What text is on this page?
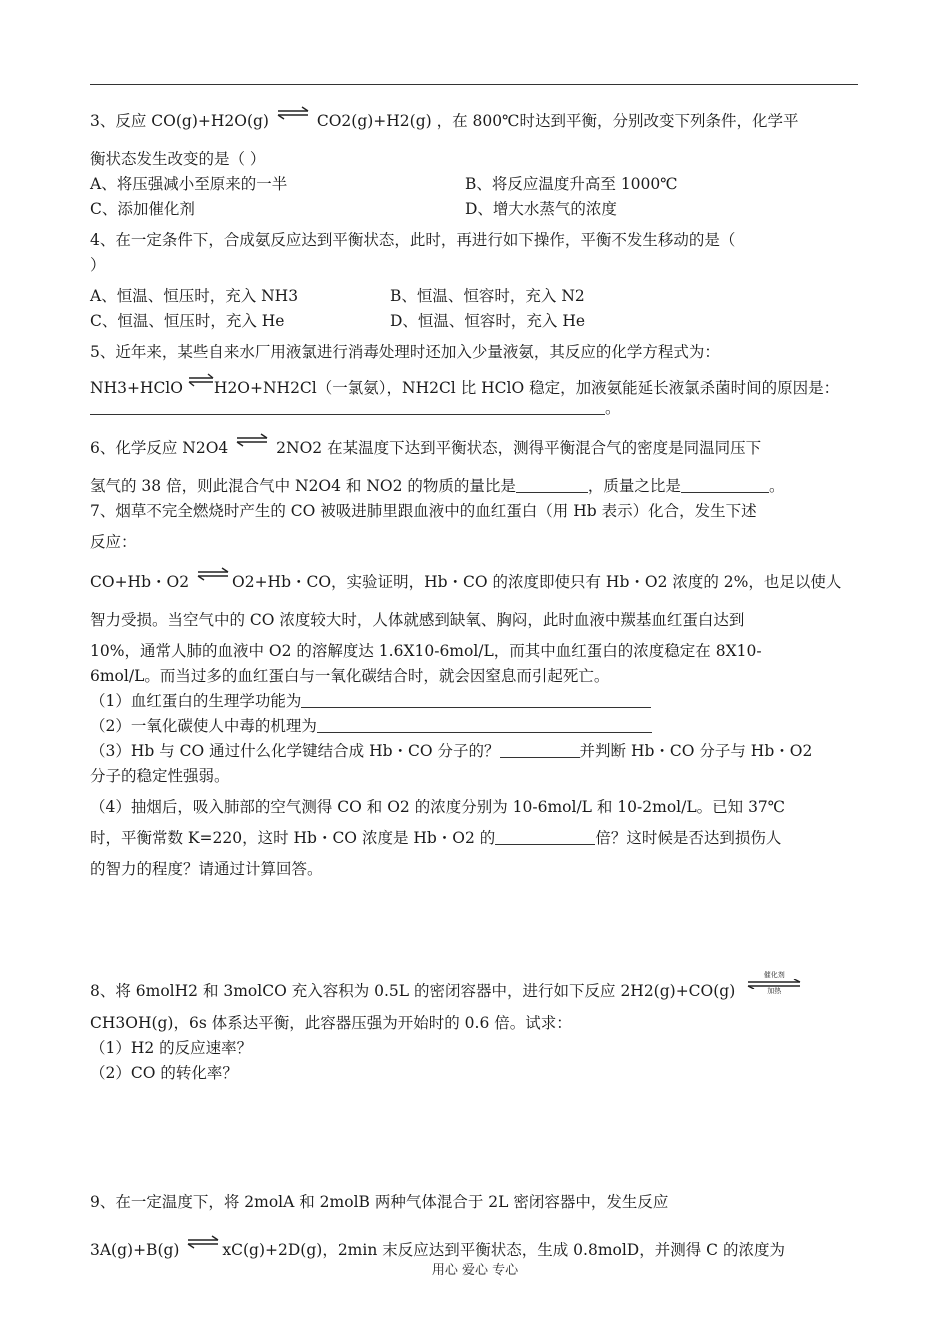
3、反应 CO(g)+H2O(g) ⇌ CO2(g)+H2(g) ，在 800℃时达到平衡，分别改变下列条件，化学平
衡状态发生改变的是（ ）
A、将压强减小至原来的一半	B、将反应温度升高至 1000℃
C、添加催化剂	D、增大水蒸气的浓度
4、在一定条件下，合成氨反应达到平衡状态，此时，再进行如下操作，平衡不发生移动的是（
）
A、恒温、恒压时，充入 NH3	B、恒温、恒容时，充入 N2
C、恒温、恒压时，充入 He	D、恒温、恒容时，充入 He
5、近年来，某些自来水厂用液氯进行消毒处理时还加入少量液氨，其反应的化学方程式为：
NH3+HClO ⇌H2O+NH2Cl（一氯氨），NH2Cl 比 HClO 稳定，加液氨能延长液氯杀菌时间的原因是：
。
6、化学反应 N2O4 ⇌ 2NO2 在某温度下达到平衡状态，测得平衡混合气的密度是同温同压下
氢气的 38 倍，则此混合气中 N2O4 和 NO2 的物质的量比是	，质量之比是	。
7、烟草不完全燃烧时产生的 CO 被吸进肺里跟血液中的血红蛋白（用 Hb 表示）化合，发生下述
反应：
CO+Hb・O2 ⇌ O2+Hb・CO，实验证明，Hb・CO 的浓度即使只有 Hb・O2 浓度的 2%，也足以使人
智力受损。当空气中的 CO 浓度较大时，人体就感到缺氧、胸闷，此时血液中羰基血红蛋白达到
10%，通常人肺的血液中 O2 的溶解度达 1.6X10-6mol/L，而其中血红蛋白的浓度稳定在 8X10-
6mol/L。而当过多的血红蛋白与一氧化碳结合时，就会因窒息而引起死亡。
（1）血红蛋白的生理学功能为
（2）一氧化碳使人中毒的机理为
（3）Hb 与 CO 通过什么化学键结合成 Hb・CO 分子的？	并判断 Hb・CO 分子与 Hb・O2
分子的稳定性强弱。
（4）抽烟后，吸入肺部的空气测得 CO 和 O2 的浓度分别为 10-6mol/L 和 10-2mol/L。已知 37℃
时，平衡常数 K=220，这时 Hb・CO 浓度是 Hb・O2 的	倍？这时候是否达到损伤人
的智力的程度？请通过计算回答。
8、将 6molH2 和 3molCO 充入容积为 0.5L 的密闭容器中，进行如下反应 2H2(g)+CO(g)
催化剂
加热
CH3OH(g)，6s 体系达平衡，此容器压强为开始时的 0.6 倍。试求：
（1）H2 的反应速率？
（2）CO 的转化率？
9、在一定温度下，将 2molA 和 2molB 两种气体混合于 2L 密闭容器中，发生反应
3A(g)+B(g) ⇌ xC(g)+2D(g)，2min 末反应达到平衡状态，生成 0.8molD，并测得 C 的浓度为
用心 爱心 专心
